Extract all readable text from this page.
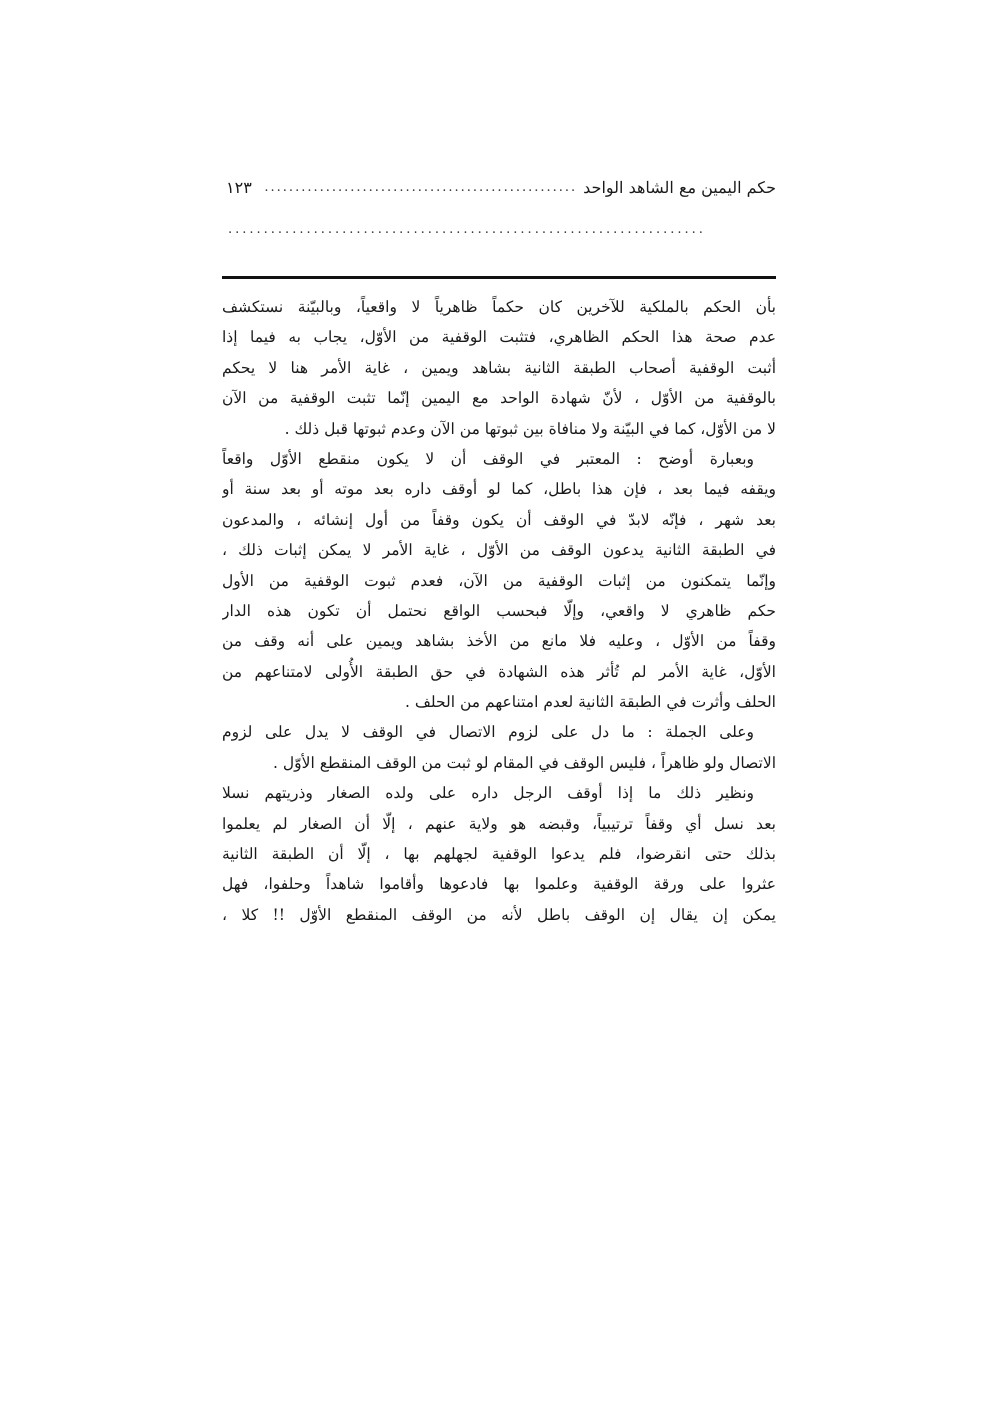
حكم اليمين مع الشاهد الواحد
...................................................
١٢٣
...................................................................
بأن الحكم بالملكية للآخرين كان حكماً ظاهرياً لا واقعياً، وبالبيّنة نستكشف
عدم صحة هذا الحكم الظاهري، فتثبت الوقفية من الأوّل، يجاب به فيما إذا
أثبت الوقفية أصحاب الطبقة الثانية بشاهد ويمين ، غاية الأمر هنا لا يحكم
بالوقفية من الأوّل ، لأنّ شهادة الواحد مع اليمين إنّما تثبت الوقفية من الآن
لا من الأوّل، كما في البيّنة ولا منافاة بين ثبوتها من الآن وعدم ثبوتها قبل ذلك .
وبعبارة أوضح : المعتبر في الوقف أن لا يكون منقطع الأوّل واقعاً
ويقفه فيما بعد ، فإن هذا باطل، كما لو أوقف داره بعد موته أو بعد سنة أو
بعد شهر ، فإنّه لابدّ في الوقف أن يكون وقفاً من أول إنشائه ، والمدعون
في الطبقة الثانية يدعون الوقف من الأوّل ، غاية الأمر لا يمكن إثبات ذلك ،
وإنّما يتمكنون من إثبات الوقفية من الآن، فعدم ثبوت الوقفية من الأول
حكم ظاهري لا واقعي، وإلّا فبحسب الواقع نحتمل أن تكون هذه الدار
وقفاً من الأوّل ، وعليه فلا مانع من الأخذ بشاهد ويمين على أنه وقف من
الأوّل، غاية الأمر لم تُأثر هذه الشهادة في حق الطبقة الأُولى لامتناعهم من
الحلف وأثرت في الطبقة الثانية لعدم امتناعهم من الحلف .
وعلى الجملة : ما دل على لزوم الاتصال في الوقف لا يدل على لزوم
الاتصال ولو ظاهراً ، فليس الوقف في المقام لو ثبت من الوقف المنقطع الأوّل .
ونظير ذلك ما إذا أوقف الرجل داره على ولده الصغار وذريتهم نسلا
بعد نسل أي وقفاً ترتيبياً، وقبضه هو ولاية عنهم ، إلّا أن الصغار لم يعلموا
بذلك حتى انقرضوا، فلم يدعوا الوقفية لجهلهم بها ، إلّا أن الطبقة الثانية
عثروا على ورقة الوقفية وعلموا بها فادعوها وأقاموا شاهداً وحلفوا، فهل
يمكن إن يقال إن الوقف باطل لأنه من الوقف المنقطع الأوّل !! كلا ،
